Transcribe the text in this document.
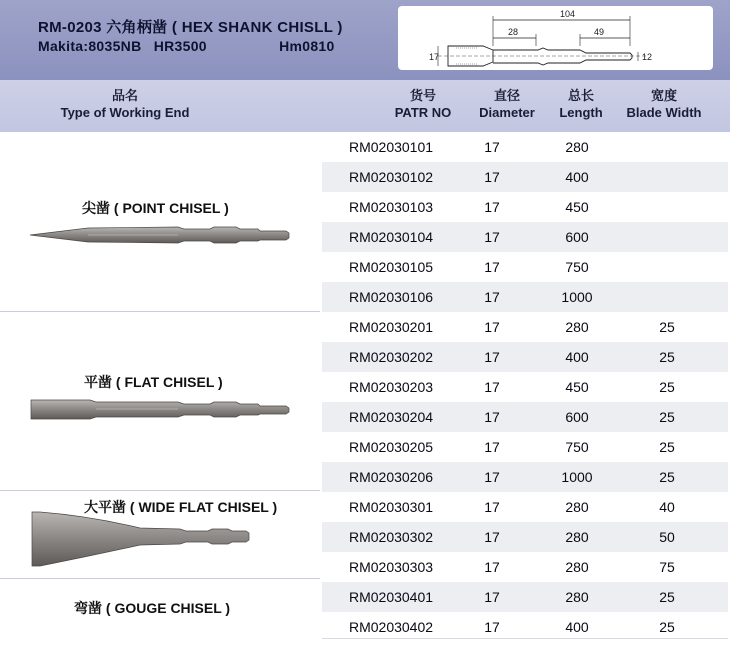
RM-0203 六角柄凿 ( HEX SHANK CHISLL )
Makita:8035NB HR3500	Hm0810
104
28	49
17	12
品名
Type of Working End
货号
PATR NO
直径
Diameter
总长
Length
宽度
Blade Width
尖凿 ( POINT CHISEL )
平凿 ( FLAT CHISEL )
大平凿 ( WIDE FLAT CHISEL )
弯凿 ( GOUGE CHISEL )
RM02030101	17	280
RM02030102	17	400
RM02030103	17	450
RM02030104	17	600
RM02030105	17	750
RM02030106	17	1000
RM02030201	17	280	25
RM02030202	17	400	25
RM02030203	17	450	25
RM02030204	17	600	25
RM02030205	17	750	25
RM02030206	17	1000	25
RM02030301	17	280	40
RM02030302	17	280	50
RM02030303	17	280	75
RM02030401	17	280	25
RM02030402	17	400	25
